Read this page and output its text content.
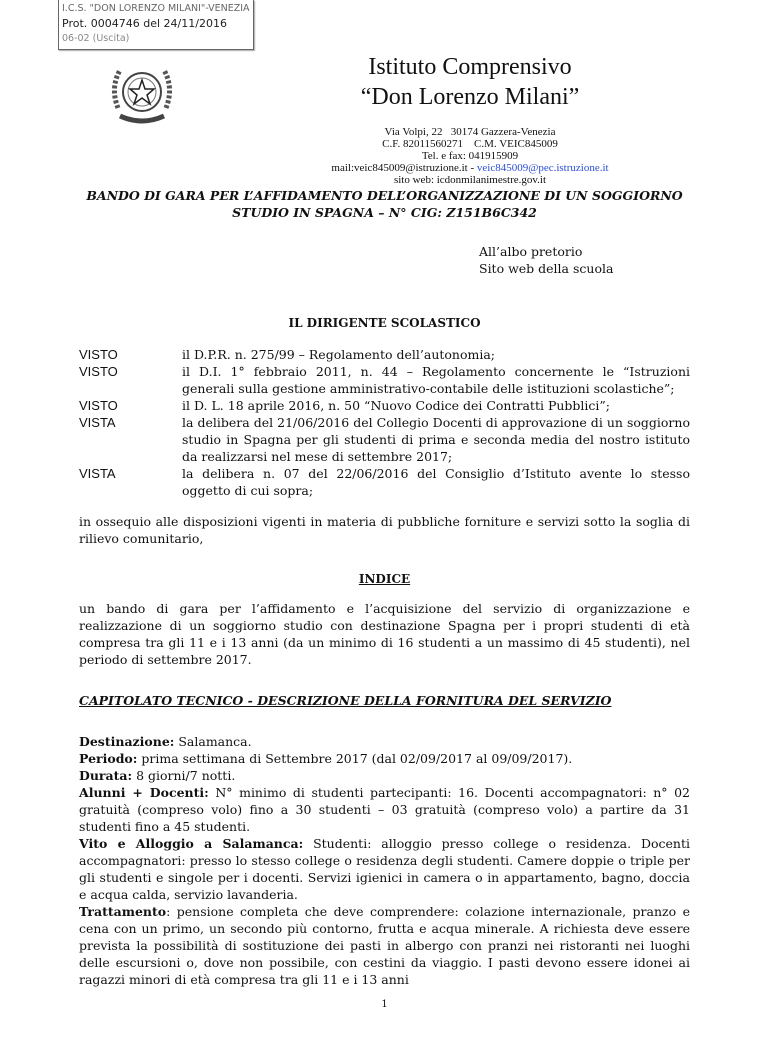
I.C.S. "DON LORENZO MILANI"-VENEZIA
Prot. 0004746 del 24/11/2016
06-02 (Uscita)
Istituto Comprensivo
“Don Lorenzo Milani”
Via Volpi, 22   30174 Gazzera-Venezia
C.F. 82011560271    C.M. VEIC845009
Tel. e fax: 041915909
mail:veic845009@istruzione.it - veic845009@pec.istruzione.it
sito web: icdonmilanimestre.gov.it
BANDO DI GARA PER L’AFFIDAMENTO DELL’ORGANIZZAZIONE DI UN SOGGIORNO
STUDIO IN SPAGNA – N° CIG: Z151B6C342
All’albo pretorio
Sito web della scuola
IL DIRIGENTE SCOLASTICO
VISTO	il D.P.R. n. 275/99 – Regolamento dell’autonomia;
VISTO	il D.I. 1° febbraio 2011, n. 44 – Regolamento concernente le “Istruzioni generali sulla gestione amministrativo-contabile delle istituzioni scolastiche”;
VISTO	il D. L. 18 aprile 2016, n. 50 “Nuovo Codice dei Contratti Pubblici”;
VISTA	la delibera del 21/06/2016 del Collegio Docenti di approvazione di un soggiorno studio in Spagna per gli studenti di prima e seconda media del nostro istituto da realizzarsi nel mese di settembre 2017;
VISTA	la delibera n. 07 del 22/06/2016 del Consiglio d’Istituto avente lo stesso oggetto di cui sopra;
in ossequio alle disposizioni vigenti in materia di pubbliche forniture e servizi sotto la soglia di rilievo comunitario,
INDICE
un bando di gara per l’affidamento e l’acquisizione del servizio di organizzazione e realizzazione di un soggiorno studio con destinazione Spagna per i propri studenti di età compresa tra gli 11 e i 13 anni (da un minimo di 16 studenti a un massimo di 45 studenti), nel periodo di settembre 2017.
CAPITOLATO TECNICO - DESCRIZIONE DELLA FORNITURA DEL SERVIZIO

Destinazione: Salamanca.

Periodo: prima settimana di Settembre 2017 (dal 02/09/2017 al 09/09/2017).

Durata: 8 giorni/7 notti.

Alunni + Docenti: N° minimo di studenti partecipanti: 16. Docenti accompagnatori: n° 02 gratuità (compreso volo) fino a 30 studenti – 03 gratuità (compreso volo) a partire da 31 studenti fino a 45 studenti.

Vito e Alloggio a Salamanca: Studenti: alloggio presso college o residenza. Docenti accompagnatori: presso lo stesso college o residenza degli studenti. Camere doppie o triple per gli studenti e singole per i docenti. Servizi igienici in camera o in appartamento, bagno, doccia e acqua calda, servizio lavanderia.

Trattamento: pensione completa che deve comprendere: colazione internazionale, pranzo e cena con un primo, un secondo più contorno, frutta e acqua minerale. A richiesta deve essere prevista la possibilità di sostituzione dei pasti in albergo con pranzi nei ristoranti nei luoghi delle escursioni o, dove non possibile, con cestini da viaggio. I pasti devono essere idonei ai ragazzi minori di età compresa tra gli 11 e i 13 anni

1
